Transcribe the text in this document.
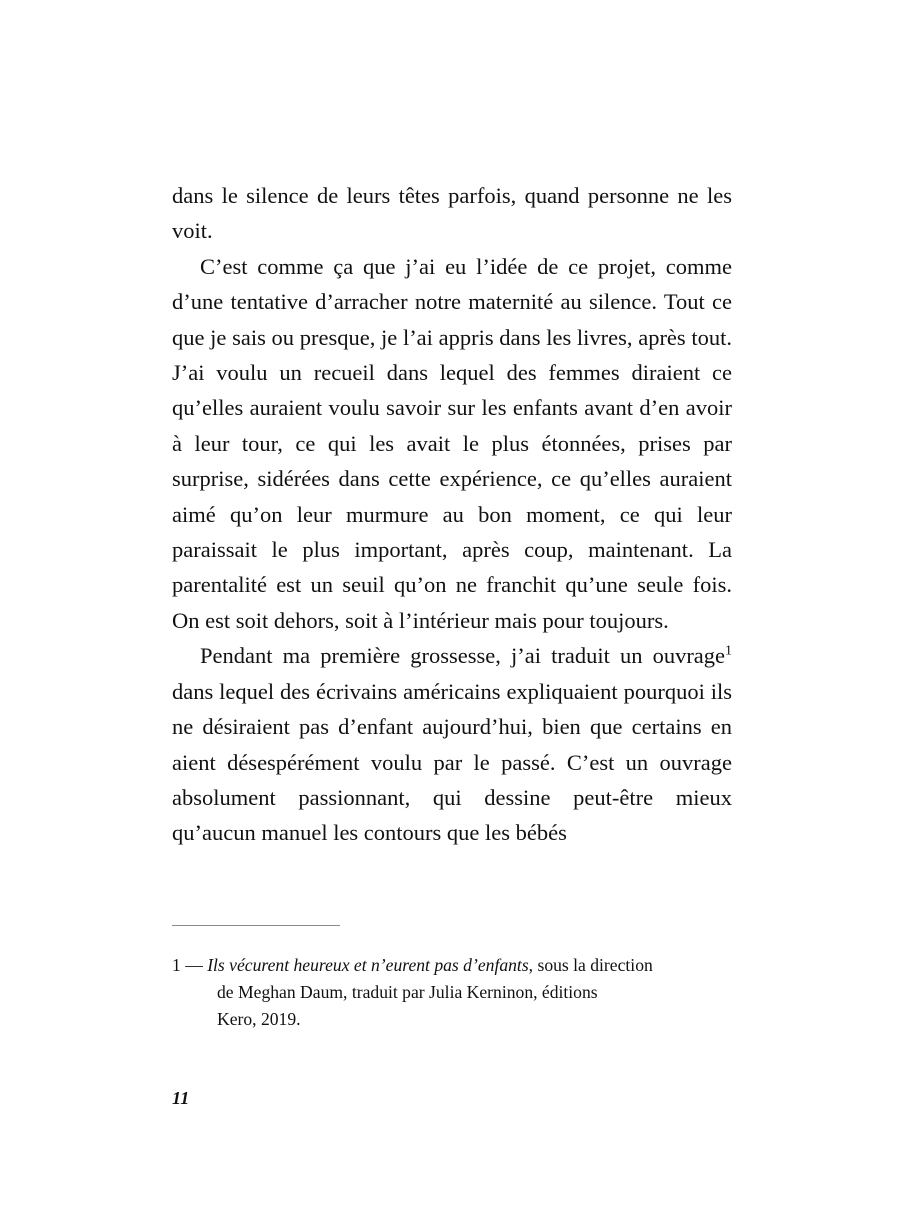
dans le silence de leurs têtes parfois, quand personne ne les voit.

C’est comme ça que j’ai eu l’idée de ce projet, comme d’une tentative d’arracher notre maternité au silence. Tout ce que je sais ou presque, je l’ai appris dans les livres, après tout. J’ai voulu un recueil dans lequel des femmes diraient ce qu’elles auraient voulu savoir sur les enfants avant d’en avoir à leur tour, ce qui les avait le plus étonnées, prises par surprise, sidérées dans cette expérience, ce qu’elles auraient aimé qu’on leur murmure au bon moment, ce qui leur paraissait le plus important, après coup, maintenant. La parentalité est un seuil qu’on ne franchit qu’une seule fois. On est soit dehors, soit à l’intérieur mais pour toujours.

Pendant ma première grossesse, j’ai traduit un ouvrage$^1$ dans lequel des écrivains américains expliquaient pourquoi ils ne désiraient pas d’enfant aujourd’hui, bien que certains en aient désespérément voulu par le passé. C’est un ouvrage absolument passionnant, qui dessine peut-être mieux qu’aucun manuel les contours que les bébés

1 — Ils vécurent heureux et n’eurent pas d’enfants, sous la direction
de Meghan Daum, traduit par Julia Kerninon, éditions
Kero, 2019.

11
